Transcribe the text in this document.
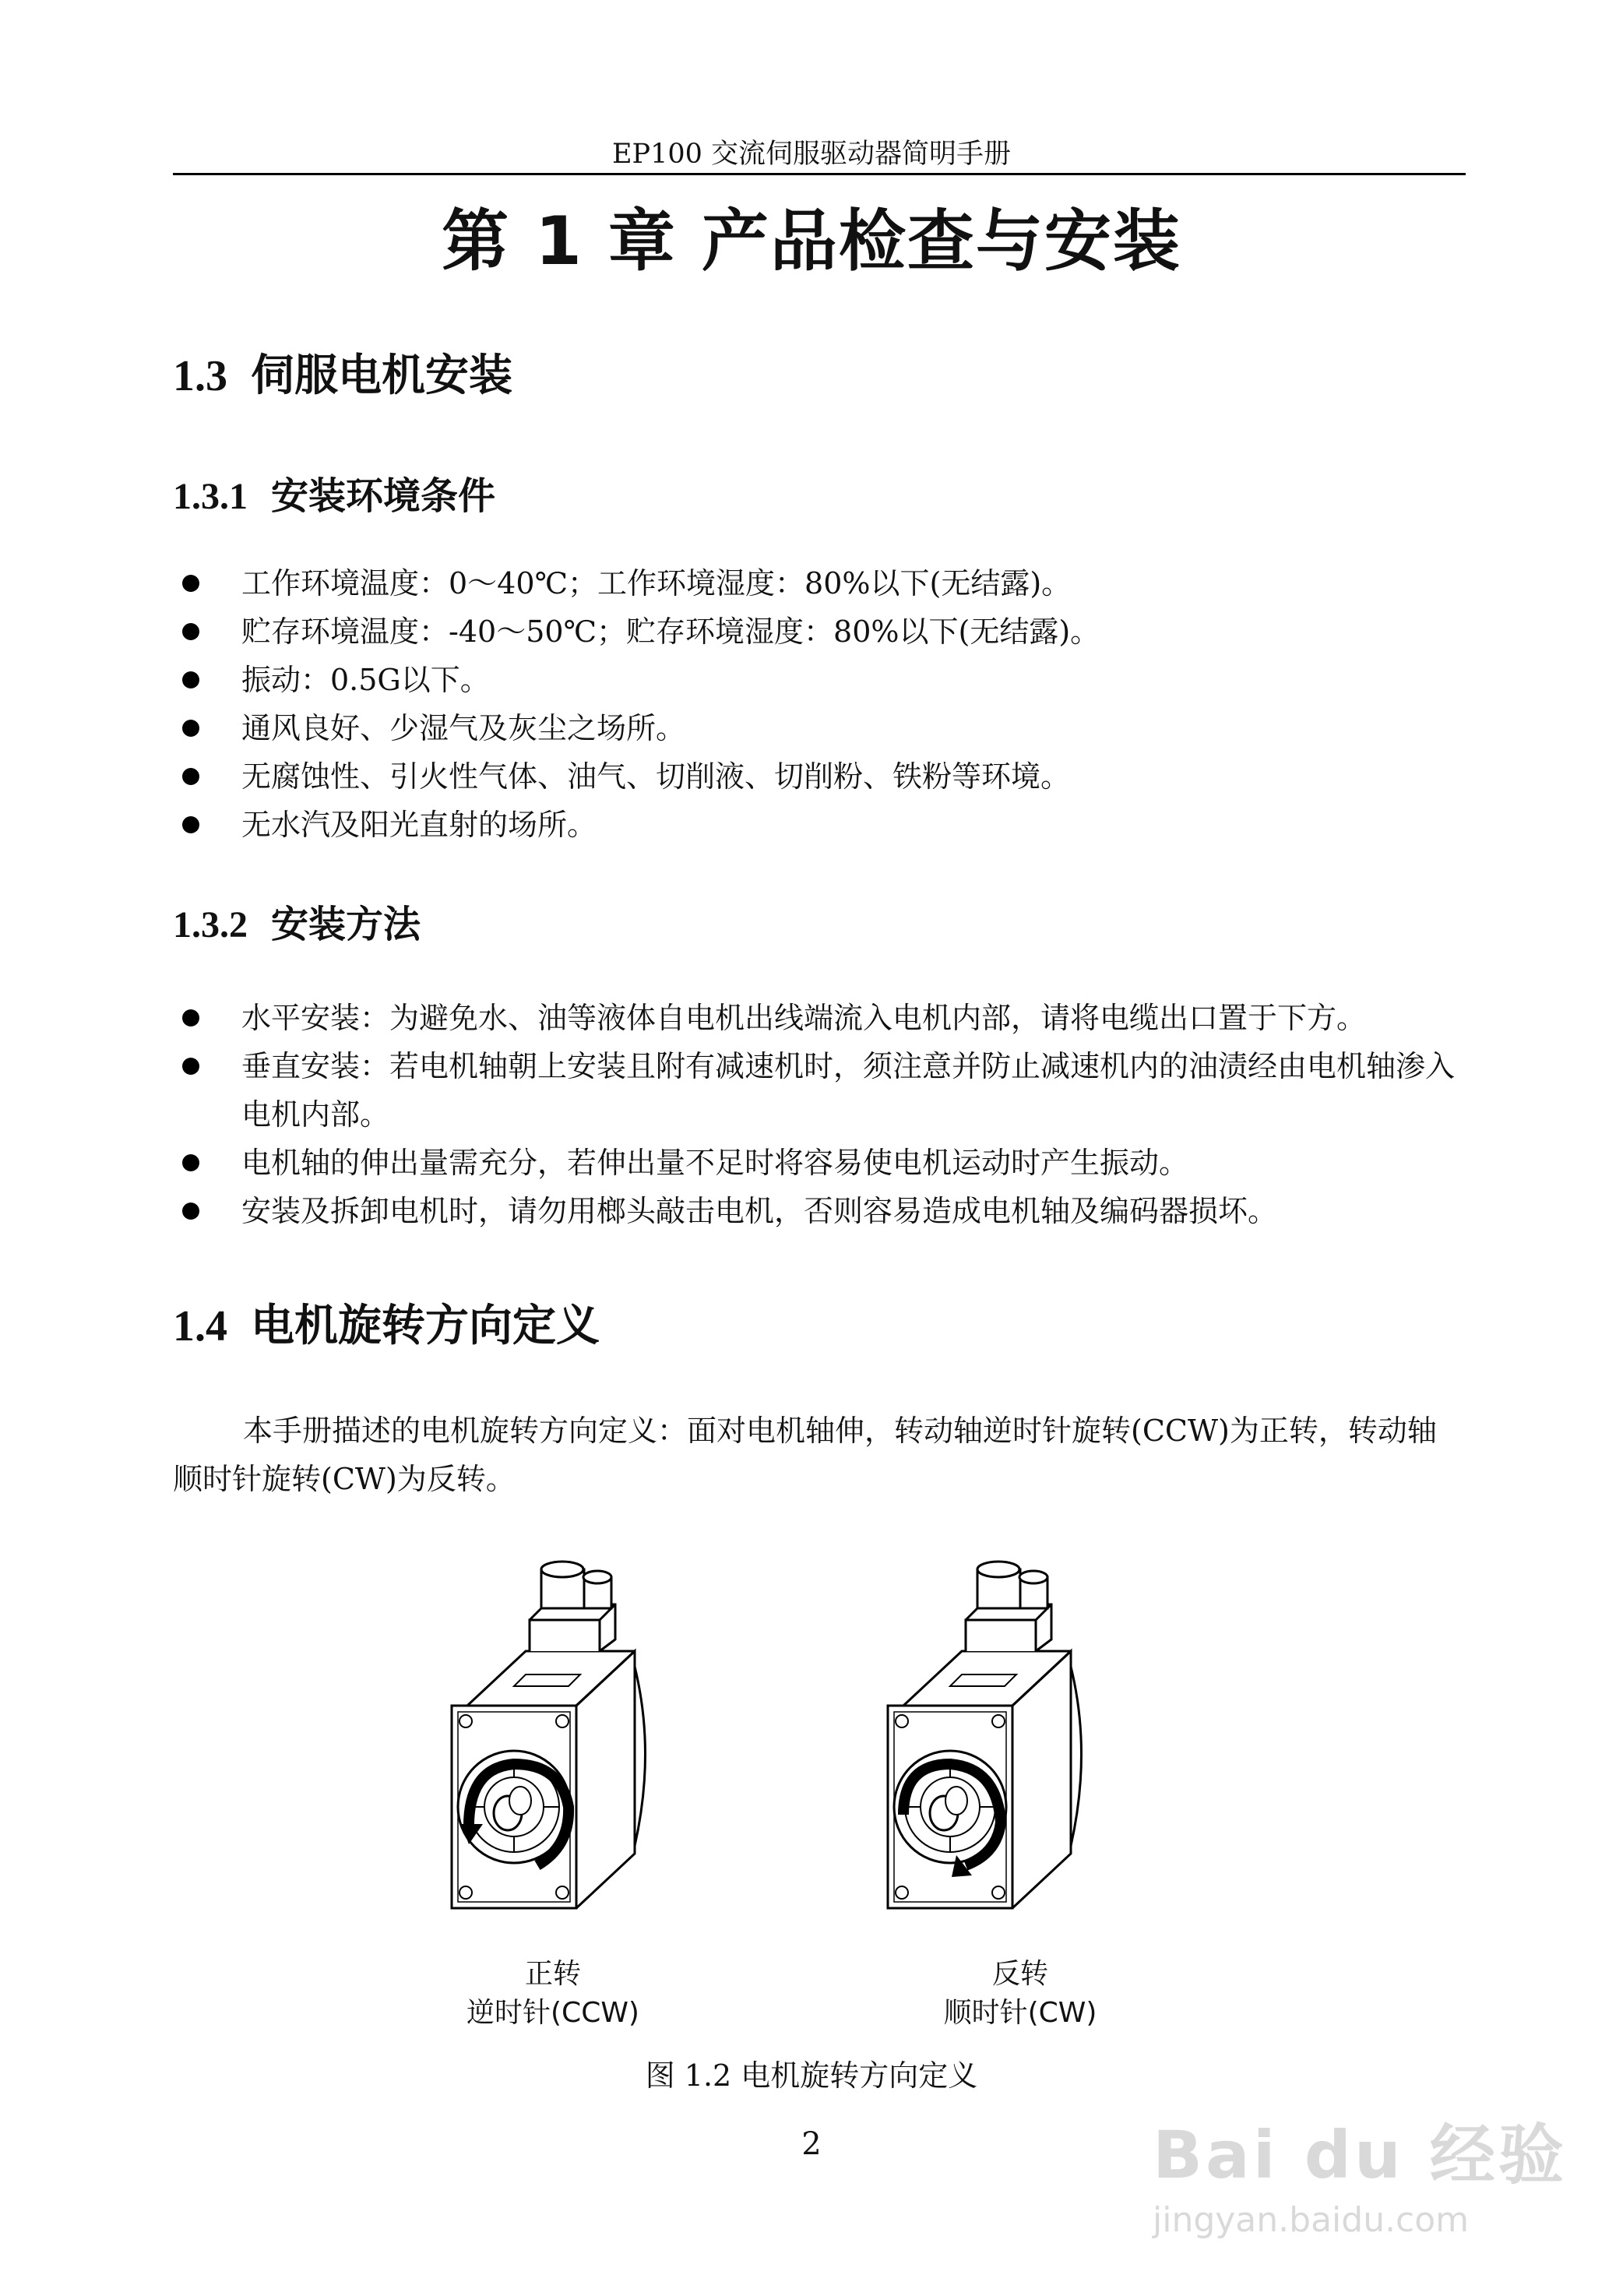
EP100 交流伺服驱动器简明手册
第 1 章 产品检查与安装
1.3 伺服电机安装
1.3.1 安装环境条件
工作环境温度：0～40℃；工作环境湿度：80%以下(无结露)。
贮存环境温度：-40～50℃；贮存环境湿度：80%以下(无结露)。
振动：0.5G以下。
通风良好、少湿气及灰尘之场所。
无腐蚀性、引火性气体、油气、切削液、切削粉、铁粉等环境。
无水汽及阳光直射的场所。
1.3.2 安装方法
水平安装：为避免水、油等液体自电机出线端流入电机内部，请将电缆出口置于下方。
垂直安装：若电机轴朝上安装且附有减速机时，须注意并防止减速机内的油渍经由电机轴渗入电机内部。
电机轴的伸出量需充分，若伸出量不足时将容易使电机运动时产生振动。
安装及拆卸电机时，请勿用榔头敲击电机，否则容易造成电机轴及编码器损坏。
1.4 电机旋转方向定义
本手册描述的电机旋转方向定义：面对电机轴伸，转动轴逆时针旋转(CCW)为正转，转动轴顺时针旋转(CW)为反转。
正转
逆时针(CCW)
反转
顺时针(CW)
图 1.2 电机旋转方向定义
2	Bai du 经验
jingyan.baidu.com
